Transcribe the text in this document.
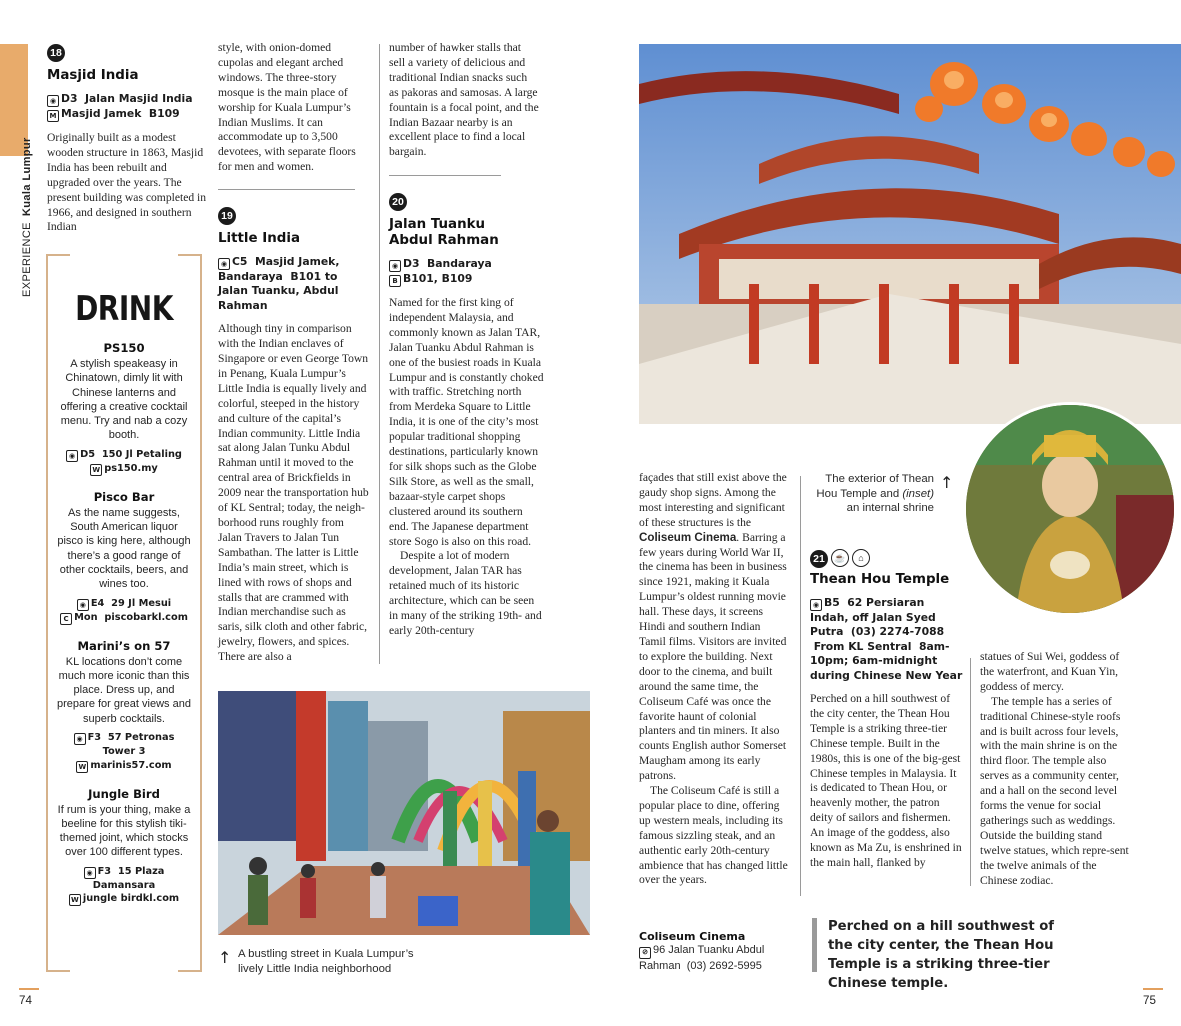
EXPERIENCEKuala Lumpur
18
Masjid India
◉ D3  Jalan Masjid India
M Masjid Jamek  B109

Originally built as a modest wooden structure in 1863, Masjid India has been rebuilt and upgraded over the years. The present building was completed in 1966, and designed in southern Indian

DRINK
PS150

A stylish speakeasy in Chinatown, dimly lit with Chinese lanterns and offering a creative cocktail menu. Try and nab a cozy booth.

◉ D5  150 Jl Petaling
W ps150.my
Pisco Bar

As the name suggests, South American liquor pisco is king here, although there’s a good range of other cocktails, beers, and wines too.

◉ E4  29 Jl Mesui
C Mon  piscobarkl.com
Marini’s on 57

KL locations don’t come much more iconic than this place. Dress up, and prepare for great views and superb cocktails.

◉ F3  57 Petronas Tower 3
W marinis57.com
Jungle Bird

If rum is your thing, make a beeline for this stylish tiki-themed joint, which stocks over 100 different types.

◉ F3  15 Plaza Damansara
W jungle birdkl.com

style, with onion-domed cupolas and elegant arched windows. The three-story mosque is the main place of worship for Kuala Lumpur’s Indian Muslims. It can accommodate up to 3,500 devotees, with separate floors for men and women.

19
Little India
◉ C5  Masjid Jamek, Bandaraya  B101 to Jalan Tuanku, Abdul Rahman

Although tiny in comparison with the Indian enclaves of Singapore or even George Town in Penang, Kuala Lumpur’s Little India is equally lively and colorful, steeped in the history and culture of the capital’s Indian community. Little India sat along Jalan Tunku Abdul Rahman until it moved to the central area of Brickfields in 2009 near the transportation hub of KL Sentral; today, the neigh-borhood runs roughly from Jalan Travers to Jalan Tun Sambathan. The latter is Little India’s main street, which is lined with rows of shops and stalls that are crammed with Indian merchandise such as saris, silk cloth and other fabric, jewelry, flowers, and spices. There are also a

number of hawker stalls that sell a variety of delicious and traditional Indian snacks such as pakoras and samosas. A large fountain is a focal point, and the Indian Bazaar nearby is an excellent place to find a local bargain.

20
Jalan Tuanku Abdul Rahman
◉ D3  Bandaraya
B B101, B109

Named for the first king of independent Malaysia, and commonly known as Jalan TAR, Jalan Tuanku Abdul Rahman is one of the busiest roads in Kuala Lumpur and is constantly choked with traffic. Stretching north from Merdeka Square to Little India, it is one of the city’s most popular traditional shopping destinations, particularly known for silk shops such as the Globe Silk Store, as well as the small, bazaar-style carpet shops clustered around its southern end. The Japanese department store Sogo is also on this road.

Despite a lot of modern development, Jalan TAR has retained much of its historic architecture, which can be seen in many of the striking 19th- and early 20th-century

↑ A bustling street in Kuala Lumpur’s lively Little India neighborhood
74
The exterior of Thean Hou Temple and (inset) an internal shrine
↑

façades that still exist above the gaudy shop signs. Among the most interesting and significant of these structures is the Coliseum Cinema. Barring a few years during World War II, the cinema has been in business since 1921, making it Kuala Lumpur’s oldest running movie hall. These days, it screens Hindi and southern Indian Tamil films. Visitors are invited to explore the building. Next door to the cinema, and built around the same time, the Coliseum Café was once the favorite haunt of colonial planters and tin miners. It also counts English author Somerset Maugham among its early patrons.

The Coliseum Café is still a popular place to dine, offering up western meals, including its famous sizzling steak, and an authentic early 20th-century ambience that has changed little over the years.

Coliseum Cinema
⊘ 96 Jalan Tuanku Abdul Rahman  (03) 2692-5995
21 ☕ ⌂
Thean Hou Temple
◉ B5  62 Persiaran Indah, off Jalan Syed Putra  (03) 2274-7088  From KL Sentral  8am-10pm; 6am-midnight during Chinese New Year

Perched on a hill southwest of the city center, the Thean Hou Temple is a striking three-tier Chinese temple. Built in the 1980s, this is one of the big-gest Chinese temples in Malaysia. It is dedicated to Thean Hou, or heavenly mother, the patron deity of sailors and fishermen. An image of the goddess, also known as Ma Zu, is enshrined in the main hall, flanked by

statues of Sui Wei, goddess of the waterfront, and Kuan Yin, goddess of mercy.

The temple has a series of traditional Chinese-style roofs and is built across four levels, with the main shrine is on the third floor. The temple also serves as a community center, and a hall on the second level forms the venue for social gatherings such as weddings. Outside the building stand twelve statues, which repre-sent the twelve animals of the Chinese zodiac.

Perched on a hill southwest of the city center, the Thean Hou Temple is a striking three-tier Chinese temple.
75
